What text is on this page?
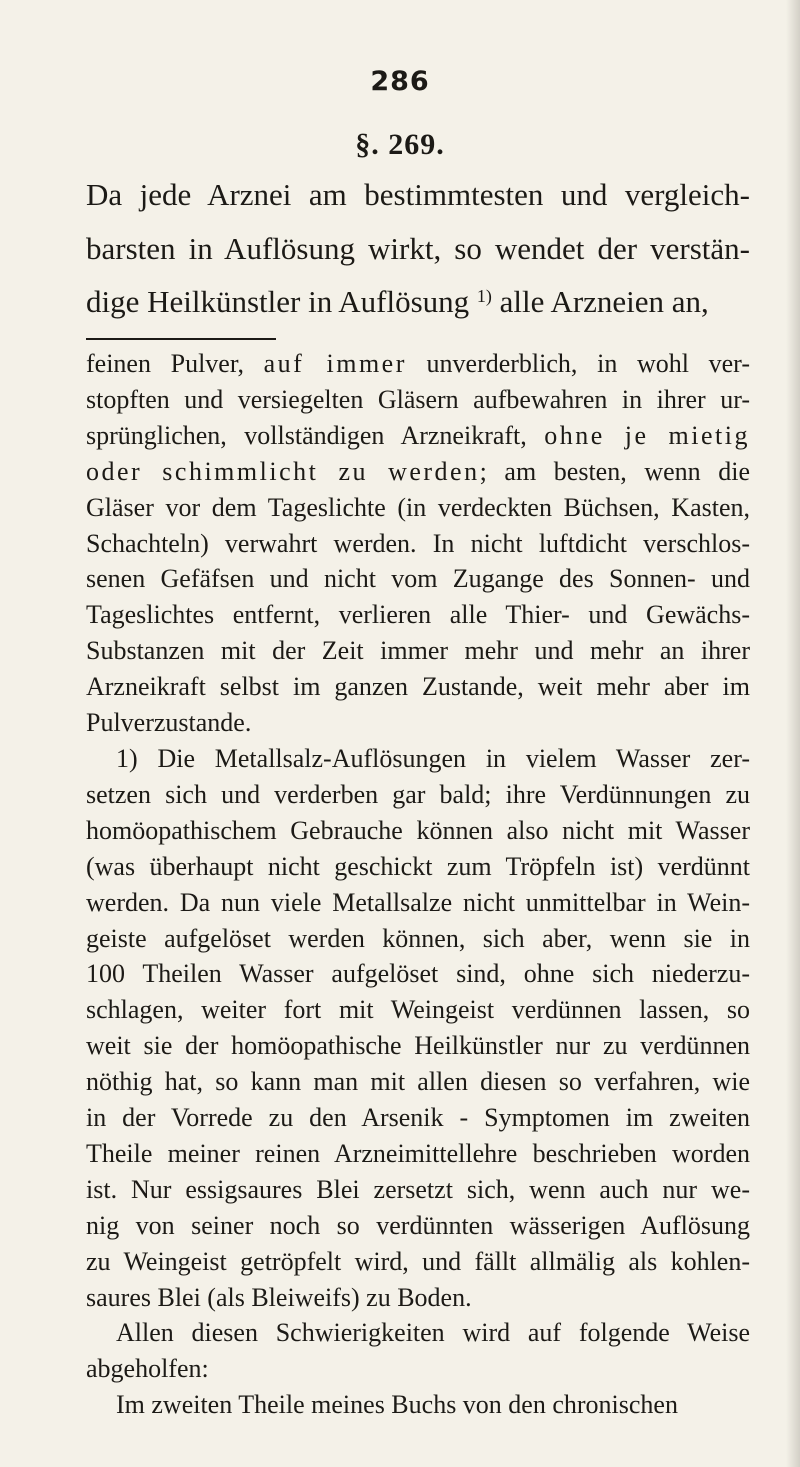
286
§. 269.
Da jede Arznei am bestimmtesten und vergleich-
barsten in Auflösung wirkt, so wendet der verstän-
dige Heilkünstler in Auflösung $^{1)}$ alle Arzneien an,
feinen Pulver, auf immer unverderblich, in wohl ver-
stopften und versiegelten Gläsern aufbewahren in ihrer ur-
sprünglichen, vollständigen Arzneikraft, ohne je mietig
oder schimmlicht zu werden; am besten, wenn die
Gläser vor dem Tageslichte (in verdeckten Büchsen, Kasten,
Schachteln) verwahrt werden. In nicht luftdicht verschlos-
senen Gefäfsen und nicht vom Zugange des Sonnen- und
Tageslichtes entfernt, verlieren alle Thier- und Gewächs-
Substanzen mit der Zeit immer mehr und mehr an ihrer
Arzneikraft selbst im ganzen Zustande, weit mehr aber im
Pulverzustande.
1) Die Metallsalz-Auflösungen in vielem Wasser zer-
setzen sich und verderben gar bald; ihre Verdünnungen zu
homöopathischem Gebrauche können also nicht mit Wasser
(was überhaupt nicht geschickt zum Tröpfeln ist) verdünnt
werden. Da nun viele Metallsalze nicht unmittelbar in Wein-
geiste aufgelöset werden können, sich aber, wenn sie in
100 Theilen Wasser aufgelöset sind, ohne sich niederzu-
schlagen, weiter fort mit Weingeist verdünnen lassen, so
weit sie der homöopathische Heilkünstler nur zu verdünnen
nöthig hat, so kann man mit allen diesen so verfahren, wie
in der Vorrede zu den Arsenik - Symptomen im zweiten
Theile meiner reinen Arzneimittellehre beschrieben worden
ist. Nur essigsaures Blei zersetzt sich, wenn auch nur we-
nig von seiner noch so verdünnten wässerigen Auflösung
zu Weingeist getröpfelt wird, und fällt allmälig als kohlen-
saures Blei (als Bleiweifs) zu Boden.
Allen diesen Schwierigkeiten wird auf folgende Weise
abgeholfen:
Im zweiten Theile meines Buchs von den chronischen
